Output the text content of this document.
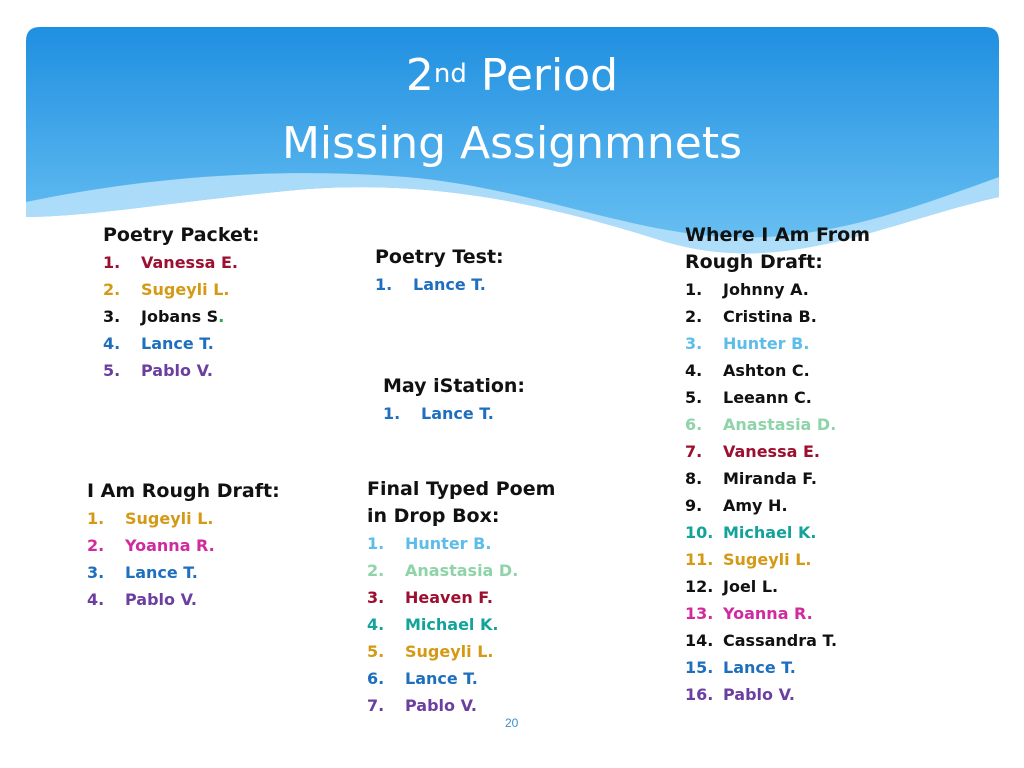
2nd Period
Missing Assignmnets
Poetry Packet:
1.	Vanessa E.
2.	Sugeyli L.
3.	Jobans S .
4.	Lance T.
5.	Pablo V.
Poetry Test:
1.	Lance T.
May iStation:
1.	Lance T.
I Am Rough Draft:
1.	Sugeyli L.
2.	Yoanna R.
3.	Lance T.
4.	Pablo V.
Final Typed Poem
in Drop Box:
1.	Hunter B.
2.	Anastasia D.
3.	Heaven F.
4.	Michael K.
5.	Sugeyli L.
6.	Lance T.
7.	Pablo V.
Where I Am From
Rough Draft:
1.	Johnny A.
2.	Cristina B.
3.	Hunter B.
4.	Ashton C.
5.	Leeann C.
6.	Anastasia D.
7.	Vanessa E.
8.	Miranda F.
9.	Amy H.
10. Michael K.
11. Sugeyli L.
12. Joel L.
13. Yoanna R.
14. Cassandra T.
15. Lance T.
16. Pablo V.
20
